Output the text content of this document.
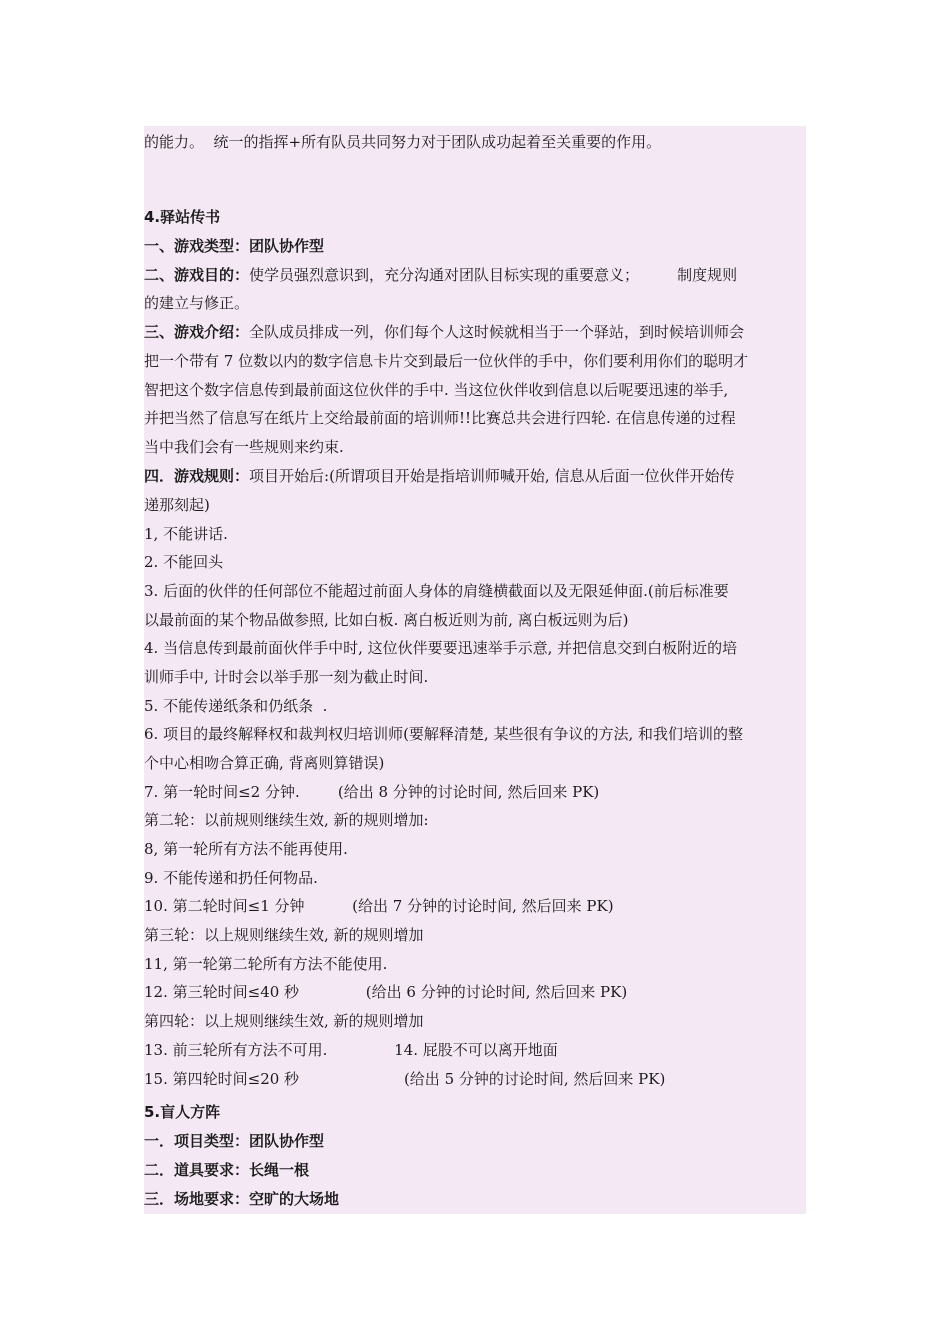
的能力。  统一的指挥+所有队员共同努力对于团队成功起着至关重要的作用。
4.驿站传书
一、游戏类型：团队协作型
二、游戏目的：使学员强烈意识到，充分沟通对团队目标实现的重要意义；        制度规则
的建立与修正。
三、游戏介绍：全队成员排成一列，你们每个人这时候就相当于一个驿站，到时候培训师会
把一个带有 7 位数以内的数字信息卡片交到最后一位伙伴的手中，你们要利用你们的聪明才
智把这个数字信息传到最前面这位伙伴的手中. 当这位伙伴收到信息以后呢要迅速的举手,
并把当然了信息写在纸片上交给最前面的培训师!!比赛总共会进行四轮. 在信息传递的过程
当中我们会有一些规则来约束.
四．游戏规则：项目开始后:(所谓项目开始是指培训师喊开始, 信息从后面一位伙伴开始传
递那刻起)
1, 不能讲话.
2. 不能回头
3. 后面的伙伴的任何部位不能超过前面人身体的肩缝横截面以及无限延伸面.(前后标准要
以最前面的某个物品做参照, 比如白板. 离白板近则为前, 离白板远则为后)
4. 当信息传到最前面伙伴手中时, 这位伙伴要要迅速举手示意, 并把信息交到白板附近的培
训师手中, 计时会以举手那一刻为截止时间.
5. 不能传递纸条和仍纸条  .
6. 项目的最终解释权和裁判权归培训师(要解释清楚, 某些很有争议的方法, 和我们培训的整
个中心相吻合算正确, 背离则算错误)
7. 第一轮时间≤2 分钟.        (给出 8 分钟的讨论时间, 然后回来 PK)
第二轮：以前规则继续生效, 新的规则增加:
8, 第一轮所有方法不能再使用.
9. 不能传递和扔任何物品.
10. 第二轮时间≤1 分钟          (给出 7 分钟的讨论时间, 然后回来 PK)
第三轮：以上规则继续生效, 新的规则增加
11, 第一轮第二轮所有方法不能使用.
12. 第三轮时间≤40 秒              (给出 6 分钟的讨论时间, 然后回来 PK)
第四轮：以上规则继续生效, 新的规则增加
13. 前三轮所有方法不可用.              14. 屁股不可以离开地面
15. 第四轮时间≤20 秒                      (给出 5 分钟的讨论时间, 然后回来 PK)
5.盲人方阵
一．项目类型：团队协作型
二．道具要求：长绳一根
三．场地要求：空旷的大场地
